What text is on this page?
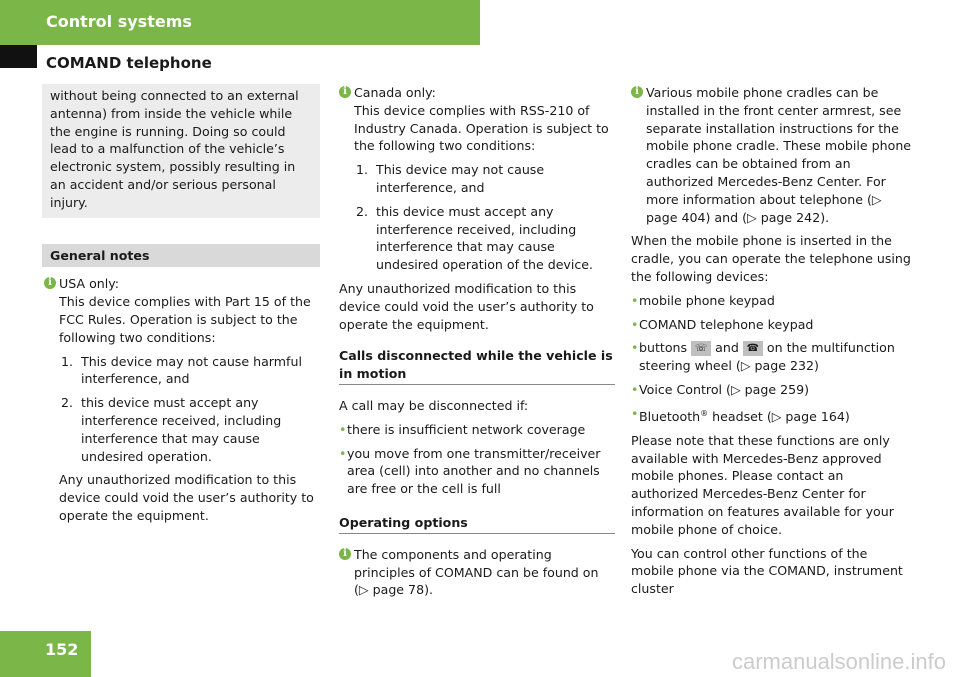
Control systems
COMAND telephone
without being connected to an external antenna) from inside the vehicle while the engine is running. Doing so could lead to a malfunction of the vehicle’s electronic system, possibly resulting in an accident and/or serious personal injury.
General notes
i USA only:
This device complies with Part 15 of the FCC Rules. Operation is subject to the following two conditions:
1. This device may not cause harmful interference, and
2. this device must accept any interference received, including interference that may cause undesired operation.
Any unauthorized modification to this device could void the user’s authority to operate the equipment.
i Canada only:
This device complies with RSS-210 of Industry Canada. Operation is subject to the following two conditions:
1. This device may not cause interference, and
2. this device must accept any interference received, including interference that may cause undesired operation of the device.

Any unauthorized modification to this device could void the user’s authority to operate the equipment.

Calls disconnected while the vehicle is in motion

A call may be disconnected if:

• there is insufficient network coverage
• you move from one transmitter/receiver area (cell) into another and no channels are free or the cell is full
Operating options
i The components and operating principles of COMAND can be found on (▷ page 78).
i Various mobile phone cradles can be installed in the front center armrest, see separate installation instructions for the mobile phone cradle. These mobile phone cradles can be obtained from an authorized Mercedes-Benz Center. For more information about telephone (▷ page 404) and (▷ page 242).

When the mobile phone is inserted in the cradle, you can operate the telephone using the following devices:

• mobile phone keypad
• COMAND telephone keypad
• buttons ☏ and ☎ on the multifunction steering wheel (▷ page 232)
• Voice Control (▷ page 259)
• Bluetooth® headset (▷ page 164)

Please note that these functions are only available with Mercedes-Benz approved mobile phones. Please contact an authorized Mercedes-Benz Center for information on features available for your mobile phone of choice.

You can control other functions of the mobile phone via the COMAND, instrument cluster

152	carmanualsonline.info
